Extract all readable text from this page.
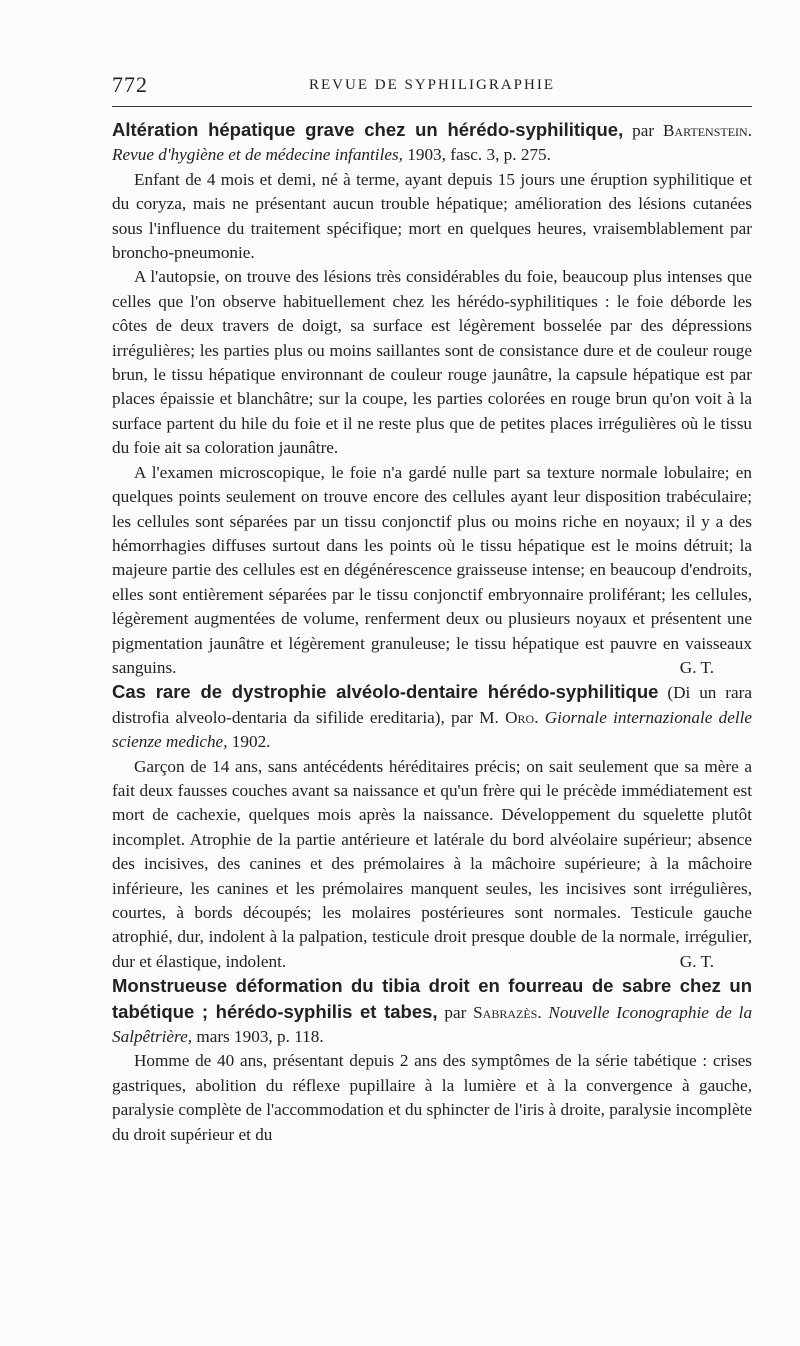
772	REVUE DE SYPHILIGRAPHIE

Altération hépatique grave chez un hérédo-syphilitique, par Bartenstein. Revue d'hygiène et de médecine infantiles, 1903, fasc. 3, p. 275.

Enfant de 4 mois et demi, né à terme, ayant depuis 15 jours une éruption syphilitique et du coryza, mais ne présentant aucun trouble hépatique; amélioration des lésions cutanées sous l'influence du traitement spécifique; mort en quelques heures, vraisemblablement par broncho-pneumonie.

A l'autopsie, on trouve des lésions très considérables du foie, beaucoup plus intenses que celles que l'on observe habituellement chez les hérédo-syphilitiques : le foie déborde les côtes de deux travers de doigt, sa surface est légèrement bosselée par des dépressions irrégulières; les parties plus ou moins saillantes sont de consistance dure et de couleur rouge brun, le tissu hépatique environnant de couleur rouge jaunâtre, la capsule hépatique est par places épaissie et blanchâtre; sur la coupe, les parties colorées en rouge brun qu'on voit à la surface partent du hile du foie et il ne reste plus que de petites places irrégulières où le tissu du foie ait sa coloration jaunâtre.

A l'examen microscopique, le foie n'a gardé nulle part sa texture normale lobulaire; en quelques points seulement on trouve encore des cellules ayant leur disposition trabéculaire; les cellules sont séparées par un tissu conjonctif plus ou moins riche en noyaux; il y a des hémorrhagies diffuses surtout dans les points où le tissu hépatique est le moins détruit; la majeure partie des cellules est en dégénérescence graisseuse intense; en beaucoup d'endroits, elles sont entièrement séparées par le tissu conjonctif embryonnaire proliférant; les cellules, légèrement augmentées de volume, renferment deux ou plusieurs noyaux et présentent une pigmentation jaunâtre et légèrement granuleuse; le tissu hépatique est pauvre en vaisseaux sanguins.	G. T.

Cas rare de dystrophie alvéolo-dentaire hérédo-syphilitique (Di un rara distrofia alveolo-dentaria da sifilide ereditaria), par M. Oro. Giornale internazionale delle scienze mediche, 1902.

Garçon de 14 ans, sans antécédents héréditaires précis; on sait seulement que sa mère a fait deux fausses couches avant sa naissance et qu'un frère qui le précède immédiatement est mort de cachexie, quelques mois après la naissance. Développement du squelette plutôt incomplet. Atrophie de la partie antérieure et latérale du bord alvéolaire supérieur; absence des incisives, des canines et des prémolaires à la mâchoire supérieure; à la mâchoire inférieure, les canines et les prémolaires manquent seules, les incisives sont irrégulières, courtes, à bords découpés; les molaires postérieures sont normales. Testicule gauche atrophié, dur, indolent à la palpation, testicule droit presque double de la normale, irrégulier, dur et élastique, indolent.	G. T.

Monstrueuse déformation du tibia droit en fourreau de sabre chez un tabétique ; hérédo-syphilis et tabes, par Sabrazès. Nouvelle Iconographie de la Salpêtrière, mars 1903, p. 118.

Homme de 40 ans, présentant depuis 2 ans des symptômes de la série tabétique : crises gastriques, abolition du réflexe pupillaire à la lumière et à la convergence à gauche, paralysie complète de l'accommodation et du sphincter de l'iris à droite, paralysie incomplète du droit supérieur et du
